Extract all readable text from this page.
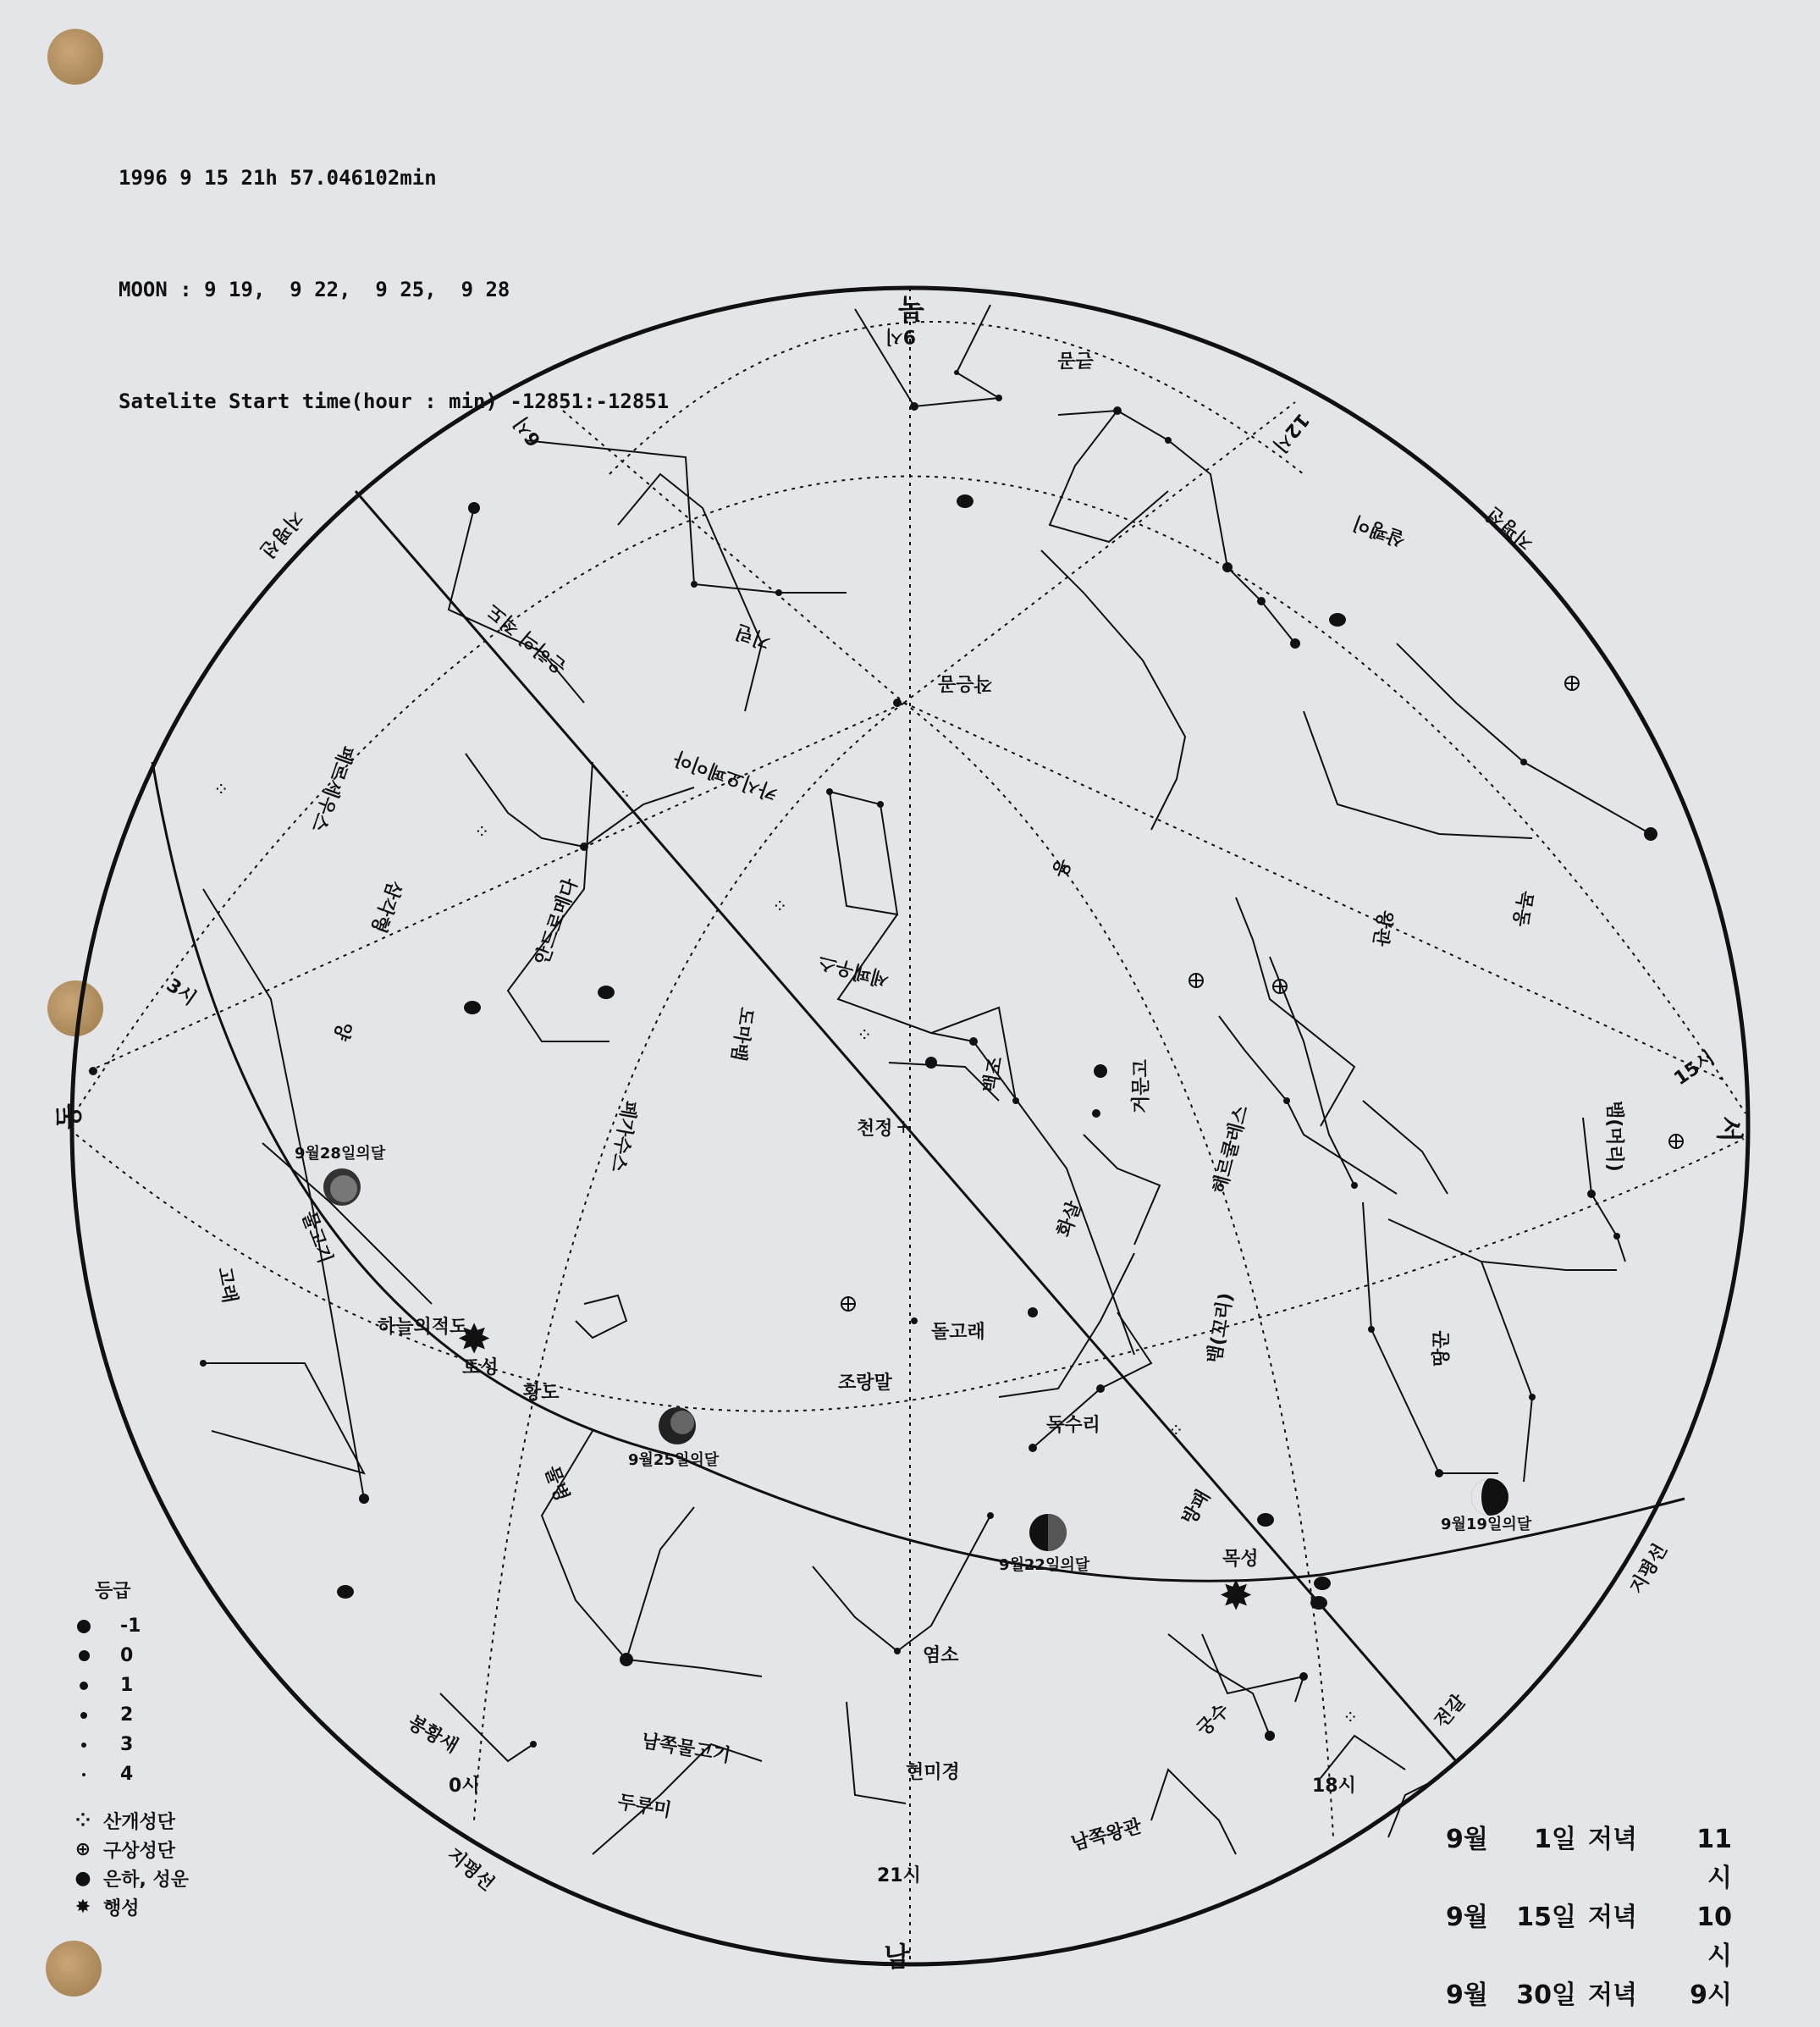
1996 9 15 21h 57.046102min

MOON : 9 19,  9 22,  9 25,  9 28

Satelite Start time(hour : min) -12851:-12851

⁘
⁘
⁘
⁘
⁘
⁘
⁘
✸
✸
북
남
동	서
천정 +
은하의 적도
하늘의적도
황도
지평선	지평선
지평선
지평선
0시
3시
6시
9시
12시
15시
18시
21시
큰곰
살쾡이
용
작은곰
세페우스
기린
페르세우스	카시오페이아
안드로메다
양
삼각형
페가수스
도마뱀
백조	거문고
헤르쿨레스
왕관	목동
뱀(머리)
뱀(꼬리)	땅꾼
화살
돌고래
독수리
조랑말
방패
염소
궁수	전갈
물병
고래
물고기
남쪽물고기
두루미
봉황새
현미경
남쪽왕관
토성
목성
9월19일의달
9월22일의달
9월25일의달
9월28일의달
등급
-1
0
1
2
3
4
⁘ 산개성단
⊕ 구상성단
● 은하, 성운
✸ 행성
9월	1일 저녁	11시
9월	15일 저녁	10시
9월	30일 저녁	9시
